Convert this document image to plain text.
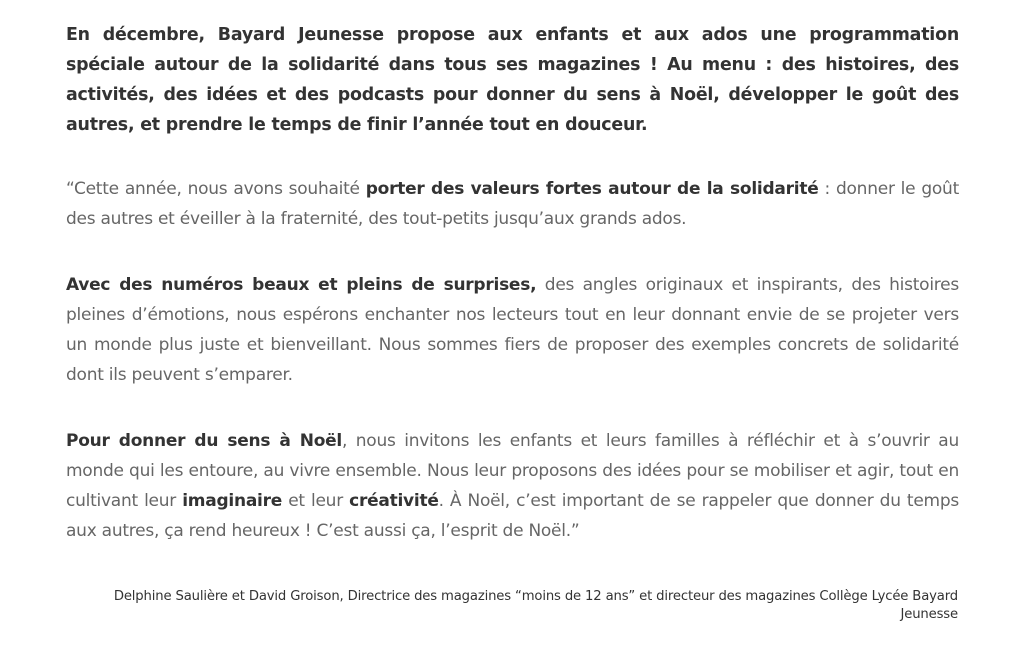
En décembre, Bayard Jeunesse propose aux enfants et aux ados une programmation spéciale autour de la solidarité dans tous ses magazines ! Au menu : des histoires, des activités, des idées et des podcasts pour donner du sens à Noël, développer le goût des autres, et prendre le temps de finir l’année tout en douceur.

“Cette année, nous avons souhaité porter des valeurs fortes autour de la solidarité : donner le goût des autres et éveiller à la fraternité, des tout-petits jusqu’aux grands ados.

Avec des numéros beaux et pleins de surprises, des angles originaux et inspirants, des histoires pleines d’émotions, nous espérons enchanter nos lecteurs tout en leur donnant envie de se projeter vers un monde plus juste et bienveillant. Nous sommes fiers de proposer des exemples concrets de solidarité dont ils peuvent s’emparer.

Pour donner du sens à Noël, nous invitons les enfants et leurs familles à réfléchir et à s’ouvrir au monde qui les entoure, au vivre ensemble. Nous leur proposons des idées pour se mobiliser et agir, tout en cultivant leur imaginaire et leur créativité. À Noël, c’est important de se rappeler que donner du temps aux autres, ça rend heureux ! C’est aussi ça, l’esprit de Noël.”

Delphine Saulière et David Groison, Directrice des magazines “moins de 12 ans” et directeur des magazines Collège Lycée Bayard Jeunesse
